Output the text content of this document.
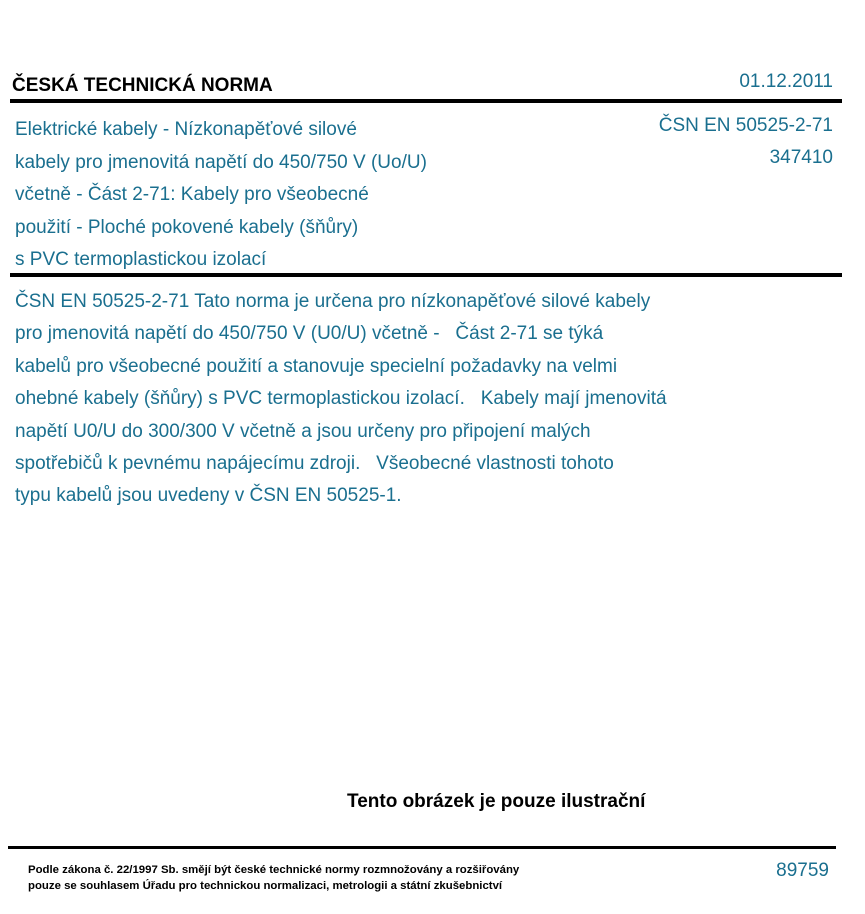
ČESKÁ TECHNICKÁ NORMA	01.12.2011
Elektrické kabely - Nízkonapěťové silové
kabely pro jmenovitá napětí do 450/750 V (Uo/U)
včetně - Část 2-71: Kabely pro všeobecné
použití - Ploché pokovené kabely (šňůry)
s PVC termoplastickou izolací
ČSN EN 50525-2-71
347410
ČSN EN 50525-2-71 Tato norma je určena pro nízkonapěťové silové kabely
pro jmenovitá napětí do 450/750 V (U0/U) včetně -   Část 2-71 se týká
kabelů pro všeobecné použití a stanovuje specielní požadavky na velmi
ohebné kabely (šňůry) s PVC termoplastickou izolací.   Kabely mají jmenovitá
napětí U0/U do 300/300 V včetně a jsou určeny pro připojení malých
spotřebičů k pevnému napájecímu zdroji.   Všeobecné vlastnosti tohoto
typu kabelů jsou uvedeny v ČSN EN 50525-1.
Tento obrázek je pouze ilustrační
Podle zákona č. 22/1997 Sb. smějí být české technické normy rozmnožovány a rozšiřovány
pouze se souhlasem Úřadu pro technickou normalizaci, metrologii a státní zkušebnictví
89759
